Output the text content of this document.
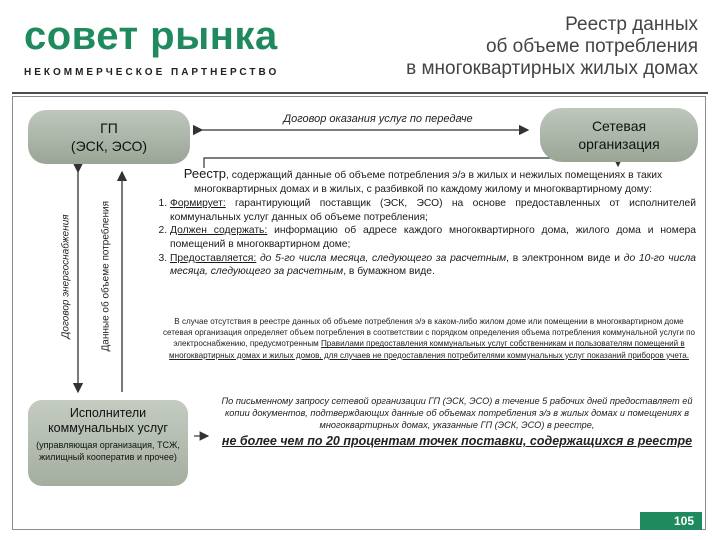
совет рынка
НЕКОММЕРЧЕСКОЕ ПАРТНЕРСТВО
Реестр данных
об объеме потребления
в многоквартирных жилых домах
ГП
(ЭСК, ЭСО)
Сетевая
организация
Договор оказания услуг по передаче
Договор энергоснабжения	Данные об объеме потребления
Реестр, содержащий данные об объеме потребления э/э в жилых и нежилых помещениях в таких многоквартирных домах и в жилых, с разбивкой по каждому жилому и многоквартирному дому:
1. Формирует: гарантирующий поставщик (ЭСК, ЭСО) на основе предоставленных от исполнителей коммунальных услуг данных об объеме потребления;
2. Должен содержать: информацию об адресе каждого многоквартирного дома, жилого дома и номера помещений в многоквартирном доме;
3. Предоставляется: до 5-го числа месяца, следующего за расчетным, в электронном виде и до 10-го числа месяца, следующего за расчетным, в бумажном виде.
В случае отсутствия в реестре данных об объеме потребления э/э в каком-либо жилом доме или помещении в многоквартирном доме сетевая организация определяет объем потребления в соответствии с порядком определения объема потребления коммунальной услуги по электроснабжению, предусмотренным Правилами предоставления коммунальных услуг собственникам и пользователям помещений в многоквартирных домах и жилых домов, для случаев не предоставления потребителями коммунальных услуг показаний приборов учета.
Исполнители
коммунальных услуг
(управляющая организация, ТСЖ, жилищный кооператив и прочее)
По письменному запросу сетевой организации ГП (ЭСК, ЭСО) в течение 5 рабочих дней предоставляет ей копии документов, подтверждающих данные об объемах потребления э/э в жилых домах и помещениях в многоквартирных домах, указанные ГП (ЭСК, ЭСО) в реестре,
не более чем по 20 процентам точек поставки, содержащихся в реестре
105
